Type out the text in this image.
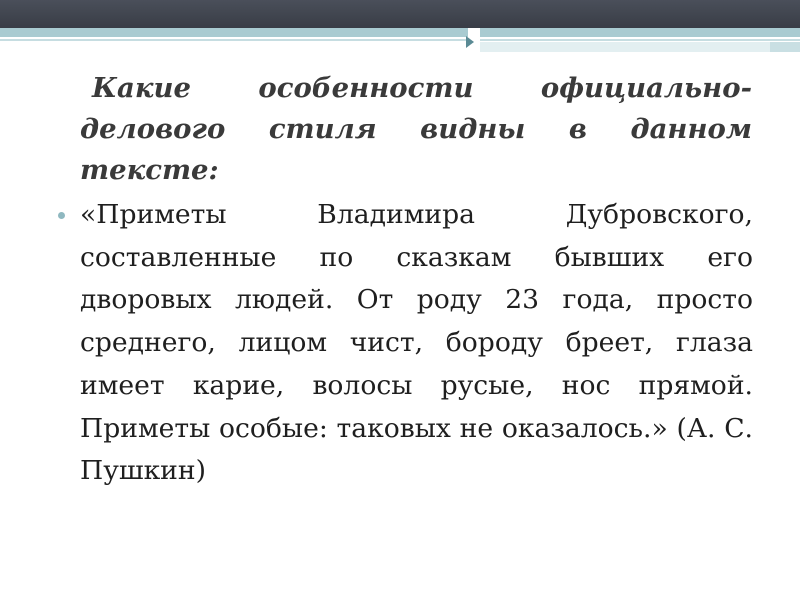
Какие особенности официально-делового стиля видны в данном тексте:

«Приметы Владимира Дубровского, составленные по сказкам бывших его дворовых людей. От роду 23 года, просто среднего, лицом чист, бороду бреет, глаза имеет карие, волосы русые, нос прямой. Приметы особые: таковых не оказалось.» (А. С. Пушкин)
